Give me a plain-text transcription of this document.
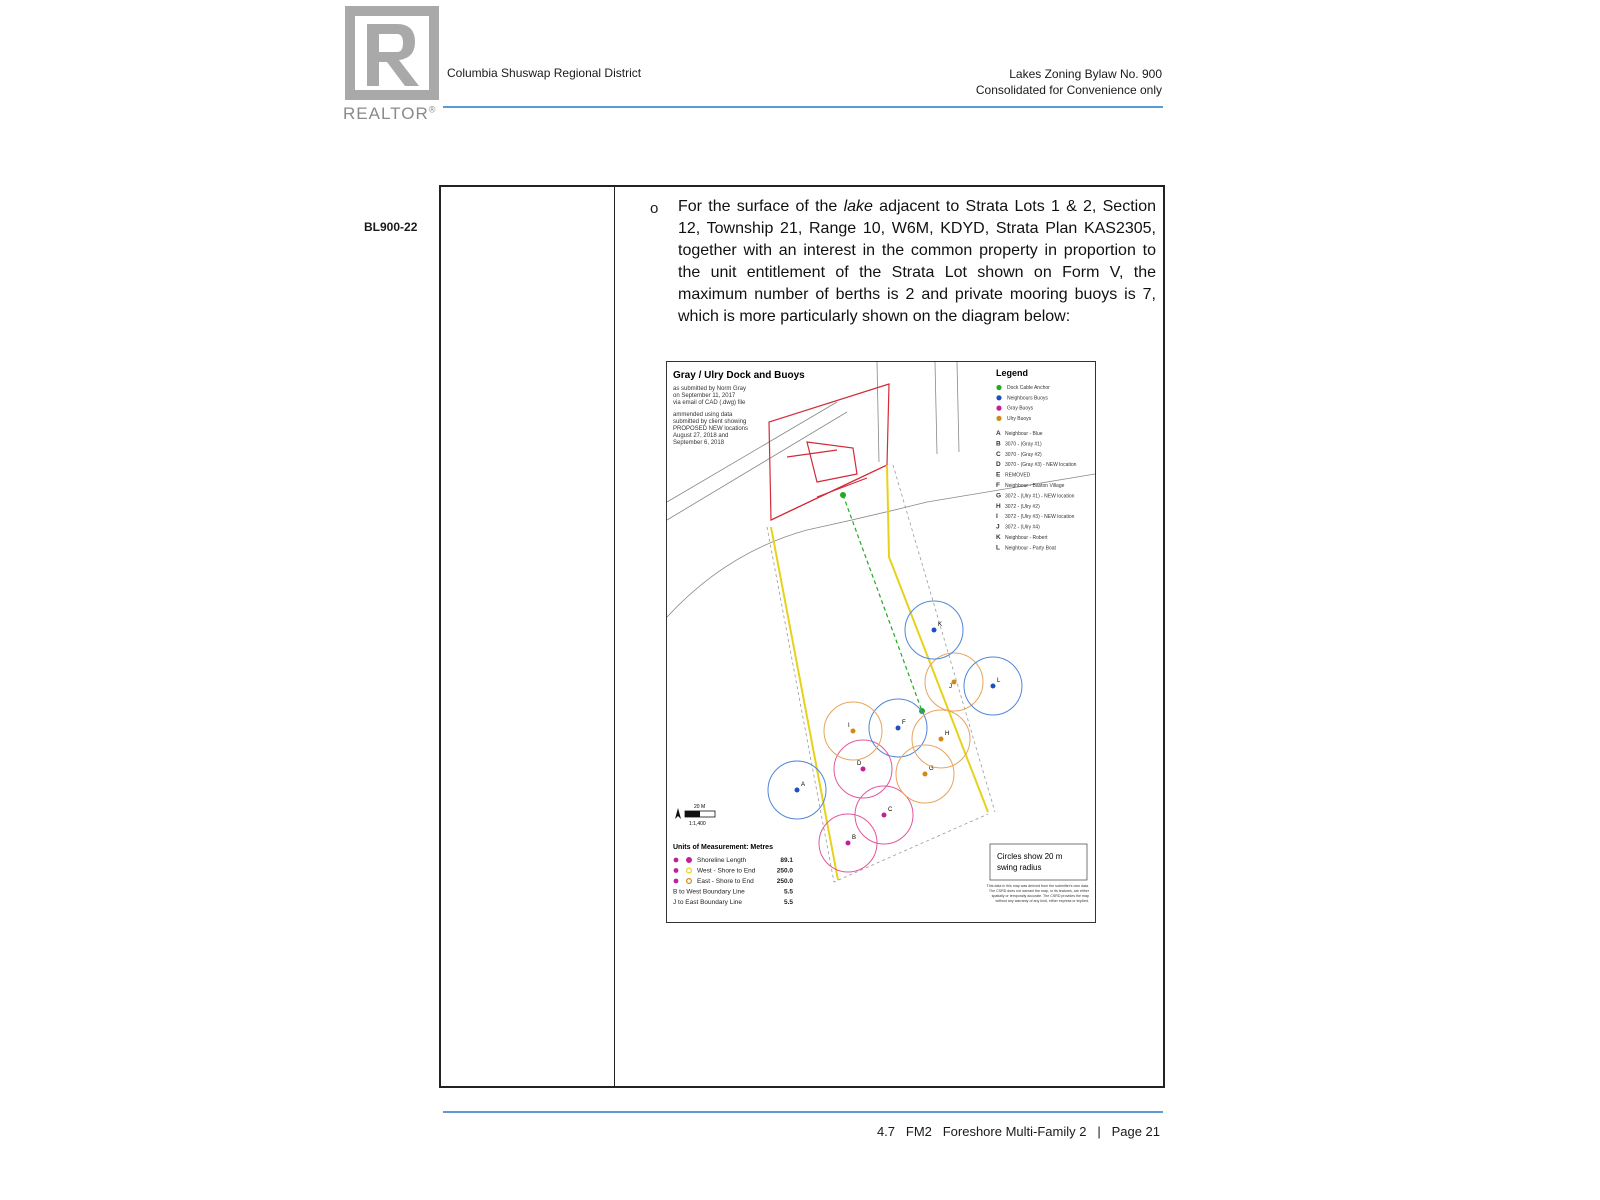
REALTOR®
Columbia Shuswap Regional District	Lakes Zoning Bylaw No. 900
Consolidated for Convenience only
BL900-22
o For the surface of the lake adjacent to Strata Lots 1 & 2, Section 12, Township 21, Range 10, W6M, KDYD, Strata Plan KAS2305, together with an interest in the common property in proportion to the unit entitlement of the Strata Lot shown on Form V, the maximum number of berths is 2 and private mooring buoys is 7, which is more particularly shown on the diagram below:
A
B
C
D
F
G
H
I
J
K
L
Gray / Ulry Dock and Buoys
as submitted by Norm Gray
on September 11, 2017
via email of CAD (.dwg) file
ammended using data
submitted by client showing
PROPOSED NEW locations
August 27, 2018 and
September 6, 2018
Legend
Dock Cable Anchor
Neighbours Buoys
Gray Buoys
Ulry Buoys
A Neighbour - Blue
B 3070 - (Gray #1)
C 3070 - (Gray #2)
D 3070 - (Gray #3) - NEW location
E REMOVED
F Neighbour - Baston Village
G 3072 - (Ulry #1) - NEW location
H 3072 - (Ulry #2)
I 3072 - (Ulry #3) - NEW location
J 3072 - (Ulry #4)
K Neighbour - Robert
L Neighbour - Party Boat
20 M
1:1,400
Units of Measurement: Metres
Shoreline Length	89.1
West - Shore to End	250.0
East - Shore to End	250.0
B to West Boundary Line	5.5
J to East Boundary Line	5.5
Circles show 20 m
swing radius
This data in this map was derived from the submitter's own data.
The CSRD does not warrant the map, or its features, are either
spatially or temporally accurate. The CSRD provides the map
without any warranty of any kind, either express or implied.
4.7 FM2 Foreshore Multi-Family 2 | Page 21
